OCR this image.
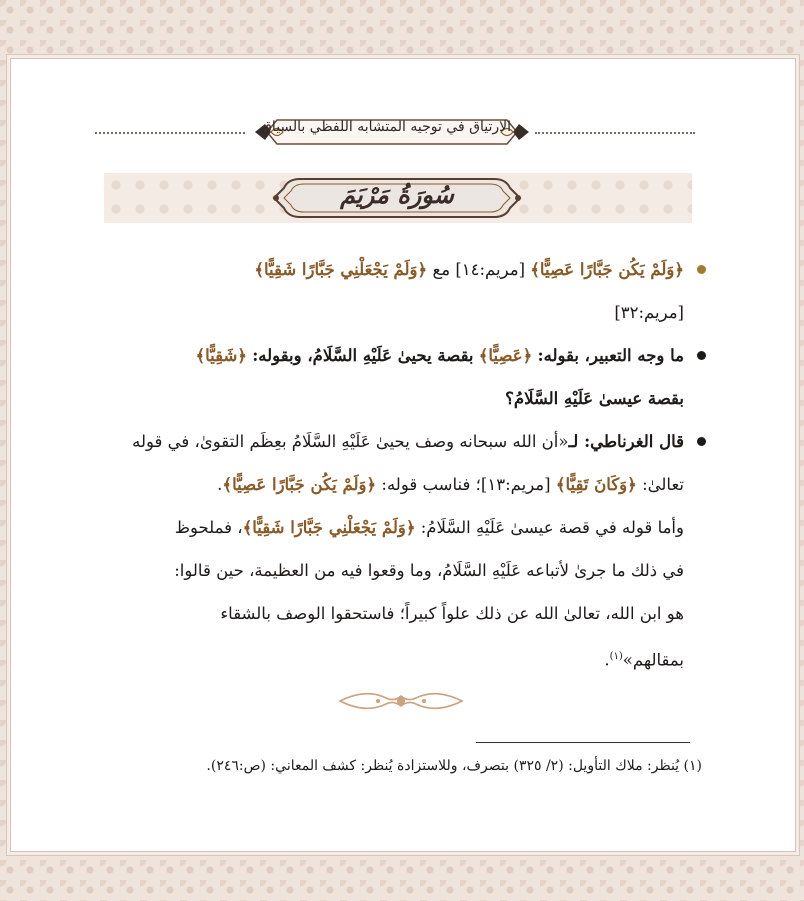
الارتياق في توجيه المتشابه اللفظي بالسياق
سُورَةُ مَرْيَمَ
﴿وَلَمْ يَكُن جَبَّارًا عَصِيًّا﴾ [مريم:١٤] مع ﴿وَلَمْ يَجْعَلْنِي جَبَّارًا شَقِيًّا﴾
[مريم:٣٢]
ما وجه التعبير، بقوله: ﴿عَصِيًّا﴾ بقصة يحيىٰ عَلَيْهِ السَّلَامُ، وبقوله: ﴿شَقِيًّا﴾
بقصة عيسىٰ عَلَيْهِ السَّلَامُ؟
قال الغرناطي: لـ«أن الله سبحانه وصف يحيىٰ عَلَيْهِ السَّلَامُ بعِظَم التقوىٰ، في قوله
تعالىٰ: ﴿وَكَانَ تَقِيًّا﴾ [مريم:١٣]؛ فناسب قوله: ﴿وَلَمْ يَكُن جَبَّارًا عَصِيًّا﴾.
وأما قوله في قصة عيسىٰ عَلَيْهِ السَّلَامُ: ﴿وَلَمْ يَجْعَلْنِي جَبَّارًا شَقِيًّا﴾، فملحوظ
في ذلك ما جرىٰ لأتباعه عَلَيْهِ السَّلَامُ، وما وقعوا فيه من العظيمة، حين قالوا:
هو ابن الله، تعالىٰ الله عن ذلك علواً كبيراً؛ فاستحقوا الوصف بالشقاء
بمقالهم»$^{(١)}$.
(١) يُنظر: ملاك التأويل: (٢/ ٣٢٥) بتصرف، وللاستزادة يُنظر: كشف المعاني: (ص:٢٤٦).
